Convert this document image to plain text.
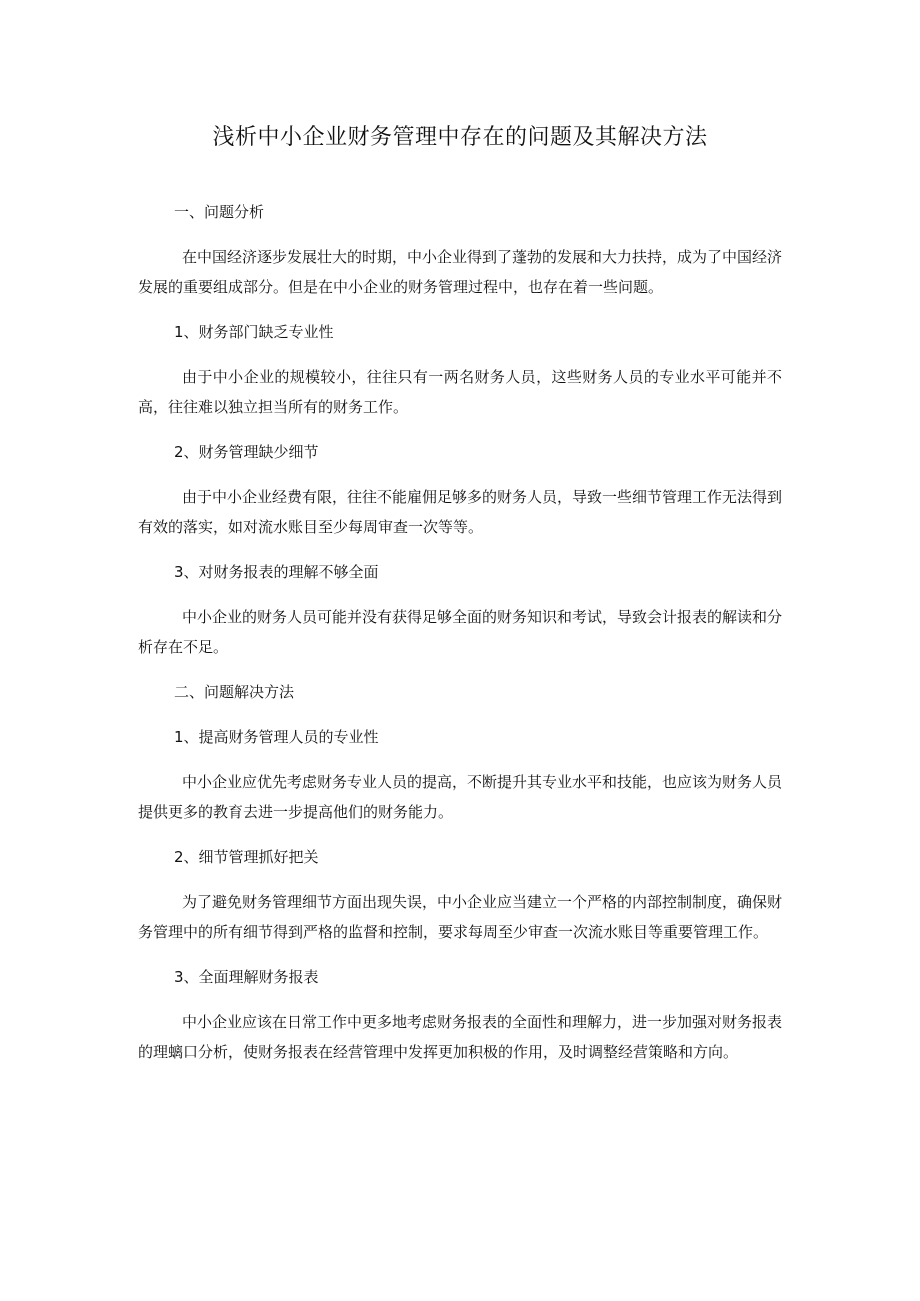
浅析中小企业财务管理中存在的问题及其解决方法

一、问题分析

在中国经济逐步发展壮大的时期，中小企业得到了蓬勃的发展和大力扶持，成为了中国经济发展的重要组成部分。但是在中小企业的财务管理过程中，也存在着一些问题。

1、财务部门缺乏专业性

由于中小企业的规模较小，往往只有一两名财务人员，这些财务人员的专业水平可能并不高，往往难以独立担当所有的财务工作。

2、财务管理缺少细节

由于中小企业经费有限，往往不能雇佣足够多的财务人员，导致一些细节管理工作无法得到有效的落实，如对流水账目至少每周审查一次等等。

3、对财务报表的理解不够全面

中小企业的财务人员可能并没有获得足够全面的财务知识和考试，导致会计报表的解读和分析存在不足。

二、问题解决方法

1、提高财务管理人员的专业性

中小企业应优先考虑财务专业人员的提高，不断提升其专业水平和技能，也应该为财务人员提供更多的教育去进一步提高他们的财务能力。

2、细节管理抓好把关

为了避免财务管理细节方面出现失误，中小企业应当建立一个严格的内部控制制度，确保财务管理中的所有细节得到严格的监督和控制，要求每周至少审查一次流水账目等重要管理工作。

3、全面理解财务报表

中小企业应该在日常工作中更多地考虑财务报表的全面性和理解力，进一步加强对财务报表的理螭口分析，使财务报表在经营管理中发挥更加积极的作用，及时调整经营策略和方向。
